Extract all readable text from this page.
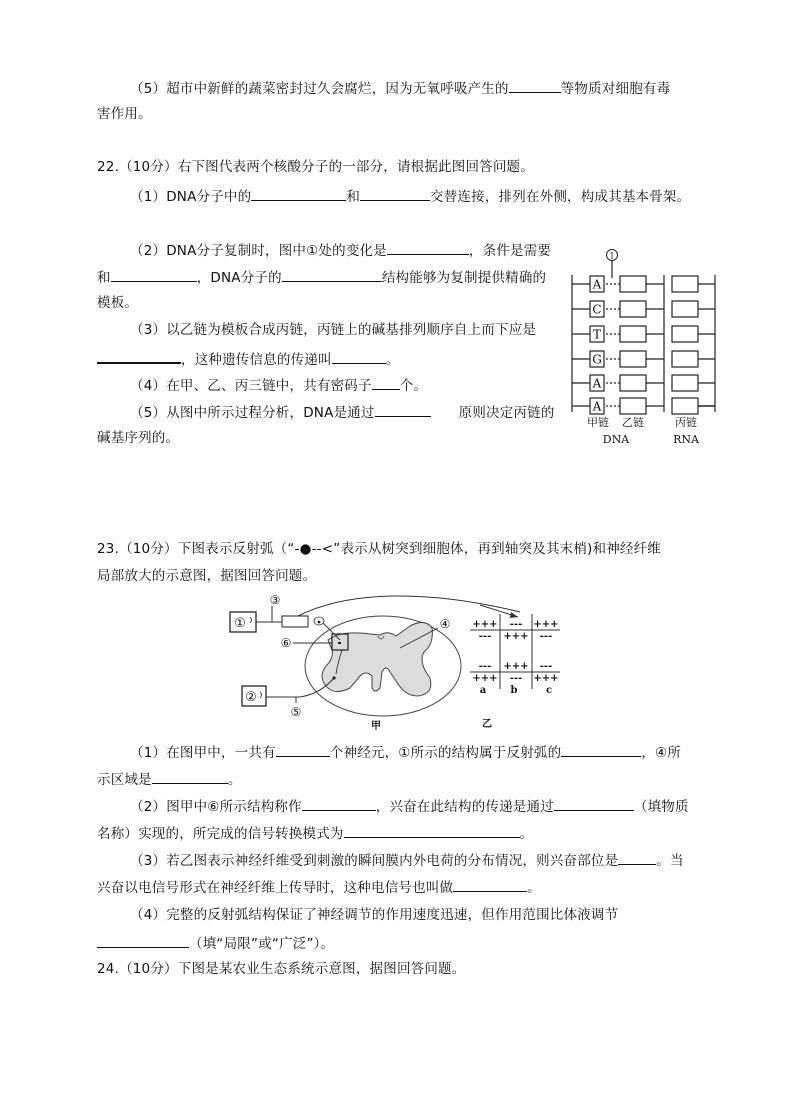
（5）超市中新鲜的蔬菜密封过久会腐烂，因为无氧呼吸产生的	等物质对细胞有毒
害作用。
22.（10分）右下图代表两个核酸分子的一部分，请根据此图回答问题。
（1）DNA分子中的	和	交替连接，排列在外侧，构成其基本骨架。
（2）DNA分子复制时，图中①处的变化是	，条件是需要
和	，DNA分子的	结构能够为复制提供精确的
模板。
（3）以乙链为模板合成丙链，丙链上的碱基排列顺序自上而下应是
，这种遗传信息的传递叫	。
（4）在甲、乙、丙三链中，共有密码子 个。
（5）从图中所示过程分析，DNA是通过	原则决定丙链的
碱基序列的。
1
A
C
T
G
A
A
甲链 乙链	丙链
DNA	RNA
23.（10分）下图表示反射弧（“-●--<”表示从树突到细胞体，再到轴突及其末梢)和神经纤维
局部放大的示意图，据图回答问题。
①
③
⑥
④
②
⑤
甲
+++ --- +++
--- +++ ---
--- +++ ---
+++ --- +++
a b	c
乙
（1）在图甲中，一共有	个神经元，①所示的结构属于反射弧的	，④所
示区域是	。
（2）图甲中⑥所示结构称作	，兴奋在此结构的传递是通过	（填物质
名称）实现的，所完成的信号转换模式为	。
（3）若乙图表示神经纤维受到刺激的瞬间膜内外电荷的分布情况，则兴奋部位是	。当
兴奋以电信号形式在神经纤维上传导时，这种电信号也叫做	。
（4）完整的反射弧结构保证了神经调节的作用速度迅速，但作用范围比体液调节
（填“局限”或“广泛”）。
24.（10分）下图是某农业生态系统示意图，据图回答问题。
